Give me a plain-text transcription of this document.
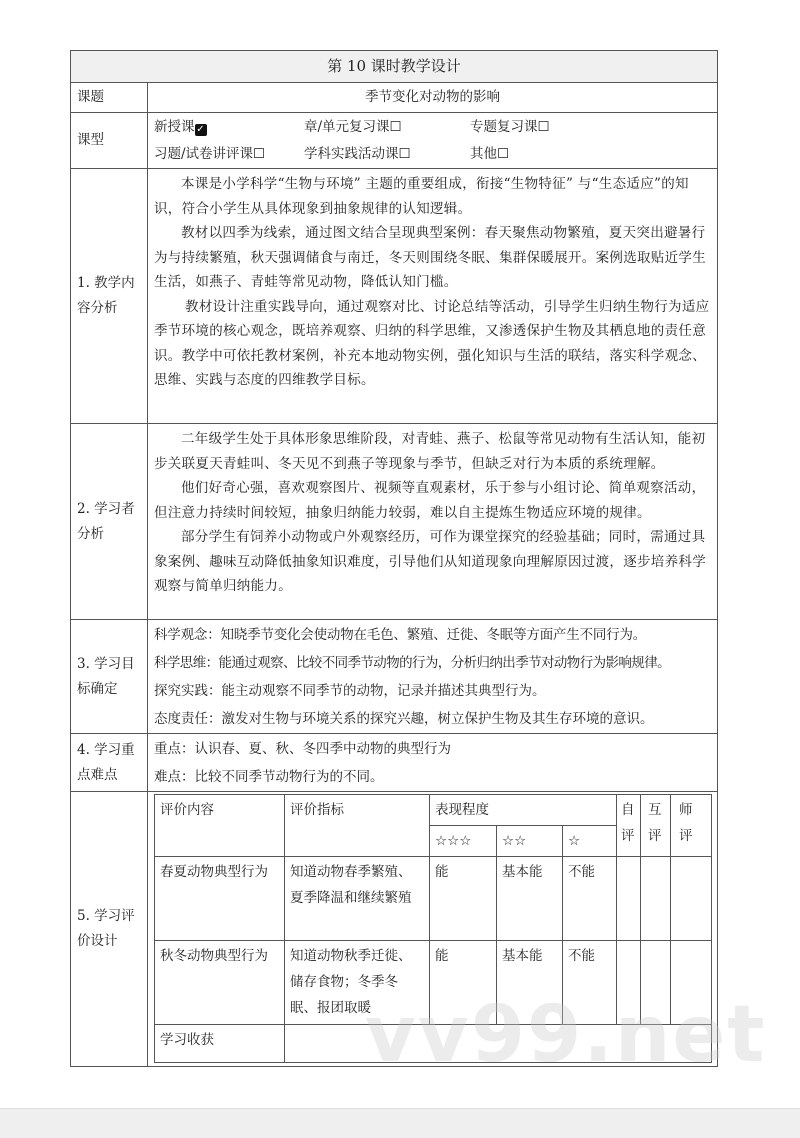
第 10 课时教学设计
课题	季节变化对动物的影响
课型	
新授课 ✓	章/单元复习课☐	专题复习课☐
习题/试卷讲评课☐	学科实践活动课☐	其他☐

1. 教学内容分析	

本课是小学科学“生物与环境” 主题的重要组成，衔接“生物特征” 与“生态适应”的知识，符合小学生从具体现象到抽象规律的认知逻辑。

教材以四季为线索，通过图文结合呈现典型案例：春天聚焦动物繁殖，夏天突出避暑行为与持续繁殖，秋天强调储食与南迁，冬天则围绕冬眠、集群保暖展开。案例选取贴近学生生活，如燕子、青蛙等常见动物，降低认知门槛。

教材设计注重实践导向，通过观察对比、讨论总结等活动，引导学生归纳生物行为适应季节环境的核心观念，既培养观察、归纳的科学思维，又渗透保护生物及其栖息地的责任意识。教学中可依托教材案例，补充本地动物实例，强化知识与生活的联结，落实科学观念、思维、实践与态度的四维教学目标。

2. 学习者分析	

二年级学生处于具体形象思维阶段，对青蛙、燕子、松鼠等常见动物有生活认知，能初步关联夏天青蛙叫、冬天见不到燕子等现象与季节，但缺乏对行为本质的系统理解。

他们好奇心强，喜欢观察图片、视频等直观素材，乐于参与小组讨论、简单观察活动，但注意力持续时间较短，抽象归纳能力较弱，难以自主提炼生物适应环境的规律。

部分学生有饲养小动物或户外观察经历，可作为课堂探究的经验基础；同时，需通过具象案例、趣味互动降低抽象知识难度，引导他们从知道现象向理解原因过渡，逐步培养科学观察与简单归纳能力。

3. 学习目标确定	

科学观念：知晓季节变化会使动物在毛色、繁殖、迁徙、冬眠等方面产生不同行为。

科学思维：能通过观察、比较不同季节动物的行为，分析归纳出季节对动物行为影响规律。

探究实践：能主动观察不同季节的动物，记录并描述其典型行为。

态度责任：激发对生物与环境关系的探究兴趣，树立保护生物及其生存环境的意识。

4. 学习重点难点	

重点：认识春、夏、秋、冬四季中动物的典型行为

难点：比较不同季节动物行为的不同。

5. 学习评价设计	
评价内容	评价指标	表现程度	自评	互评	师评
☆☆☆	☆☆	☆
春夏动物典型行为	知道动物春季繁殖、夏季降温和继续繁殖	能	基本能	不能			
秋冬动物典型行为	知道动物秋季迁徙、储存食物；冬季冬眠、报团取暖	能	基本能	不能			
学习收获	vv99.net
